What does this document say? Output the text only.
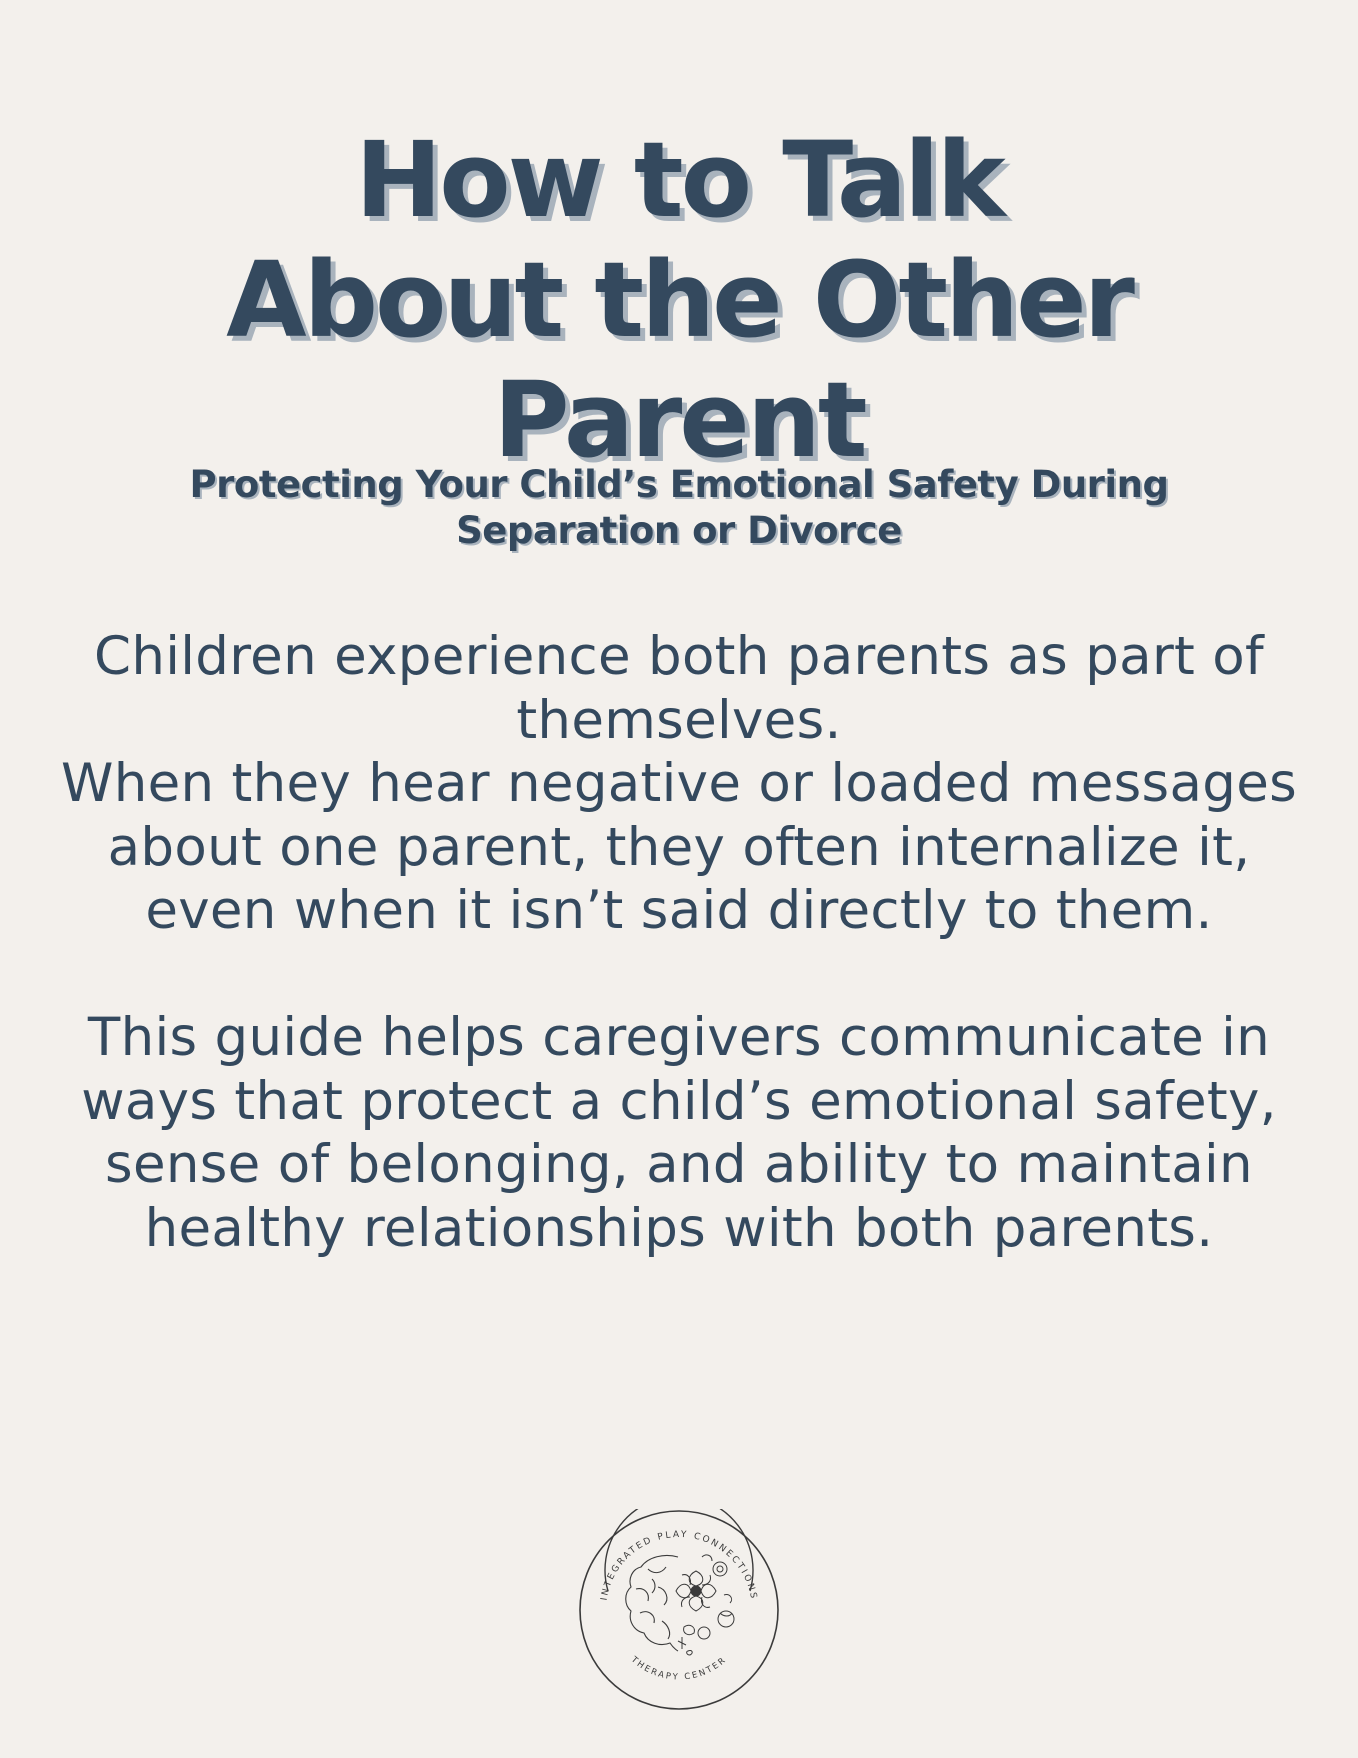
How to Talk
About the Other
Parent
Protecting Your Child’s Emotional Safety During
Separation or Divorce

Children experience both parents as part of
themselves.
When they hear negative or loaded messages
about one parent, they often internalize it,
even when it isn’t said directly to them.

This guide helps caregivers communicate in
ways that protect a child’s emotional safety,
sense of belonging, and ability to maintain
healthy relationships with both parents.

INTEGRATED PLAY CONNECTIONS
THERAPY CENTER
